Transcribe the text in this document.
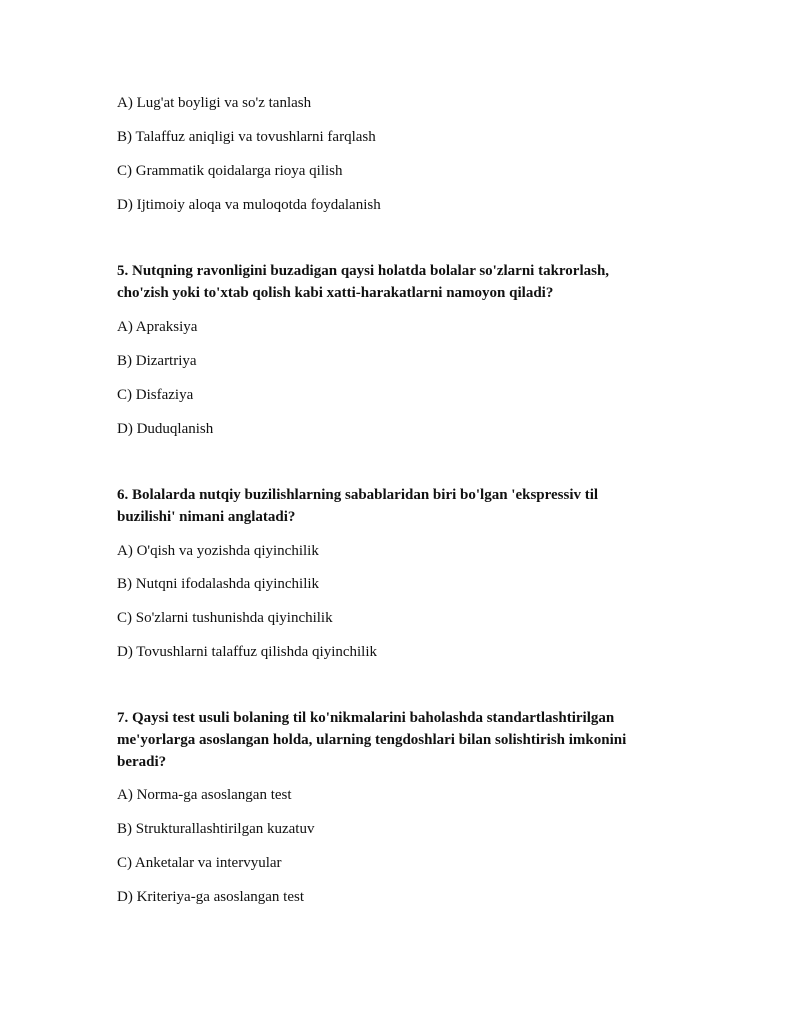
A) Lug'at boyligi va so'z tanlash
B) Talaffuz aniqligi va tovushlarni farqlash
C) Grammatik qoidalarga rioya qilish
D) Ijtimoiy aloqa va muloqotda foydalanish
5. Nutqning ravonligini buzadigan qaysi holatda bolalar so'zlarni takrorlash,
cho'zish yoki to'xtab qolish kabi xatti-harakatlarni namoyon qiladi?
A) Apraksiya
B) Dizartriya
C) Disfaziya
D) Duduqlanish
6. Bolalarda nutqiy buzilishlarning sabablaridan biri bo'lgan 'ekspressiv til
buzilishi' nimani anglatadi?
A) O'qish va yozishda qiyinchilik
B) Nutqni ifodalashda qiyinchilik
C) So'zlarni tushunishda qiyinchilik
D) Tovushlarni talaffuz qilishda qiyinchilik
7. Qaysi test usuli bolaning til ko'nikmalarini baholashda standartlashtirilgan
me'yorlarga asoslangan holda, ularning tengdoshlari bilan solishtirish imkonini
beradi?
A) Norma-ga asoslangan test
B) Strukturallashtirilgan kuzatuv
C) Anketalar va intervyular
D) Kriteriya-ga asoslangan test
